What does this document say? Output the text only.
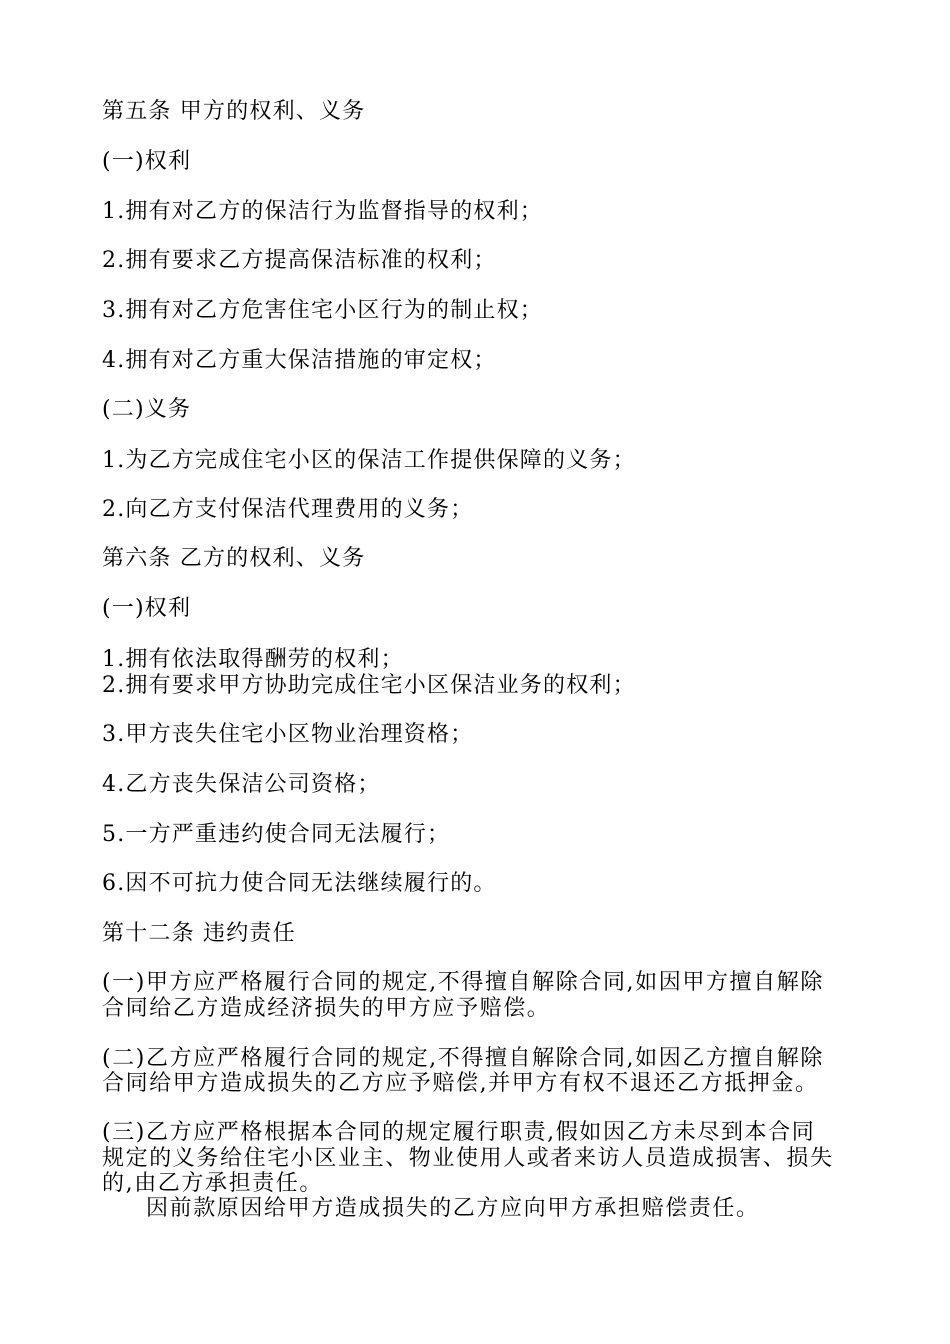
第五条 甲方的权利、义务
(一)权利
1.拥有对乙方的保洁行为监督指导的权利；
2.拥有要求乙方提高保洁标准的权利；
3.拥有对乙方危害住宅小区行为的制止权；
4.拥有对乙方重大保洁措施的审定权；
(二)义务
1.为乙方完成住宅小区的保洁工作提供保障的义务；
2.向乙方支付保洁代理费用的义务；
第六条 乙方的权利、义务
(一)权利
1.拥有依法取得酬劳的权利；
2.拥有要求甲方协助完成住宅小区保洁业务的权利；
3.甲方丧失住宅小区物业治理资格；
4.乙方丧失保洁公司资格；
5.一方严重违约使合同无法履行；
6.因不可抗力使合同无法继续履行的。
第十二条 违约责任
(一)甲方应严格履行合同的规定,不得擅自解除合同,如因甲方擅自解除
合同给乙方造成经济损失的甲方应予赔偿。
(二)乙方应严格履行合同的规定,不得擅自解除合同,如因乙方擅自解除
合同给甲方造成损失的乙方应予赔偿,并甲方有权不退还乙方抵押金。
(三)乙方应严格根据本合同的规定履行职责,假如因乙方未尽到本合同
规定的义务给住宅小区业主、物业使用人或者来访人员造成损害、损失
的,由乙方承担责任。
因前款原因给甲方造成损失的乙方应向甲方承担赔偿责任。
